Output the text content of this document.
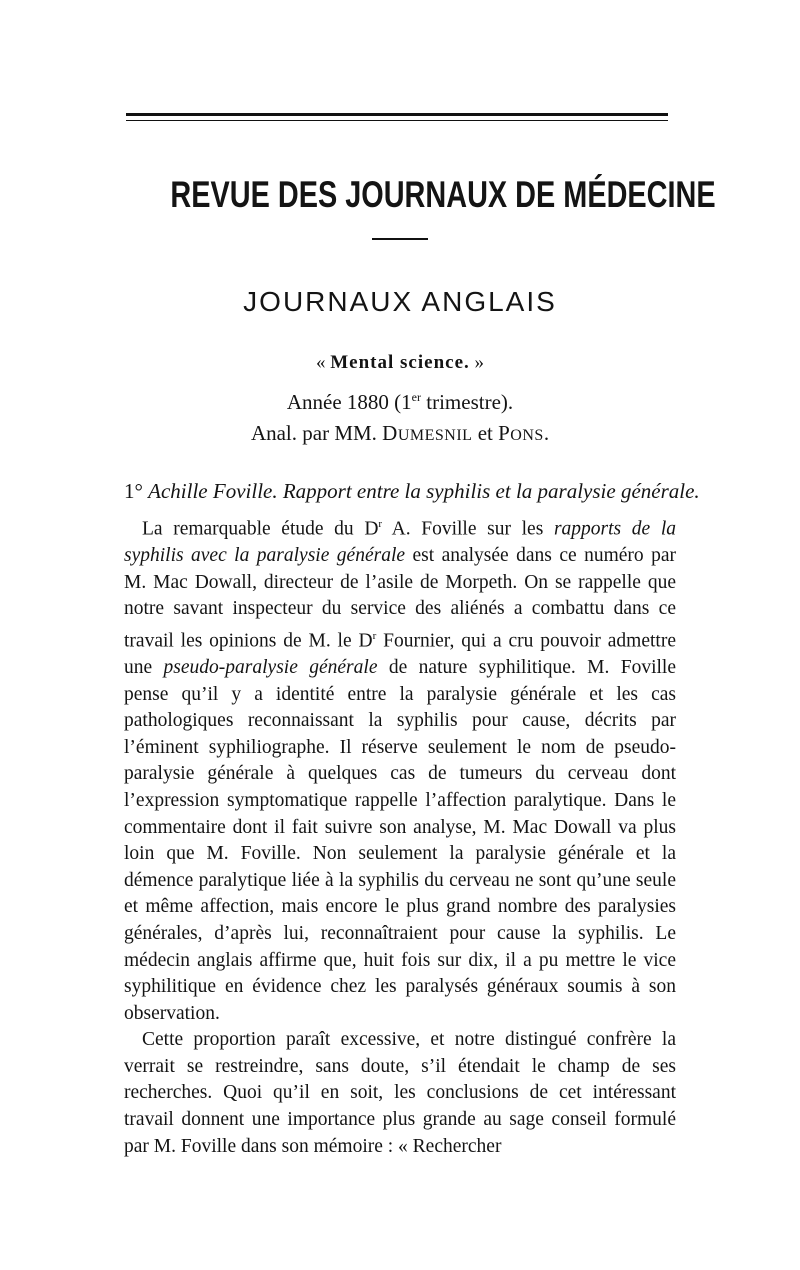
REVUE DES JOURNAUX DE MÉDECINE
JOURNAUX ANGLAIS
« Mental science. »
Année 1880 (1er trimestre).
Anal. par MM. DUMESNIL et PONS.
1° Achille Foville. Rapport entre la syphilis et la paralysie générale.

La remarquable étude du $D^r$ A. Foville sur les rapports de la syphilis avec la paralysie générale est analysée dans ce numéro par M. Mac Dowall, directeur de l’asile de Morpeth. On se rappelle que notre savant inspecteur du service des aliénés a combattu dans ce travail les opinions de M. le $D^r$ Fournier, qui a cru pouvoir admettre une pseudo-paralysie générale de nature syphilitique. M. Foville pense qu’il y a identité entre la paralysie générale et les cas pathologiques reconnaissant la syphilis pour cause, décrits par l’éminent syphiliographe. Il réserve seulement le nom de pseudo-paralysie générale à quelques cas de tumeurs du cerveau dont l’expression symptomatique rappelle l’affection paralytique. Dans le commentaire dont il fait suivre son analyse, M. Mac Dowall va plus loin que M. Foville. Non seulement la paralysie générale et la démence paralytique liée à la syphilis du cerveau ne sont qu’une seule et même affection, mais encore le plus grand nombre des paralysies générales, d’après lui, reconnaîtraient pour cause la syphilis. Le médecin anglais affirme que, huit fois sur dix, il a pu mettre le vice syphilitique en évidence chez les paralysés généraux soumis à son observation.

Cette proportion paraît excessive, et notre distingué confrère la verrait se restreindre, sans doute, s’il étendait le champ de ses recherches. Quoi qu’il en soit, les conclusions de cet intéressant travail donnent une importance plus grande au sage conseil formulé par M. Foville dans son mémoire : « Rechercher
